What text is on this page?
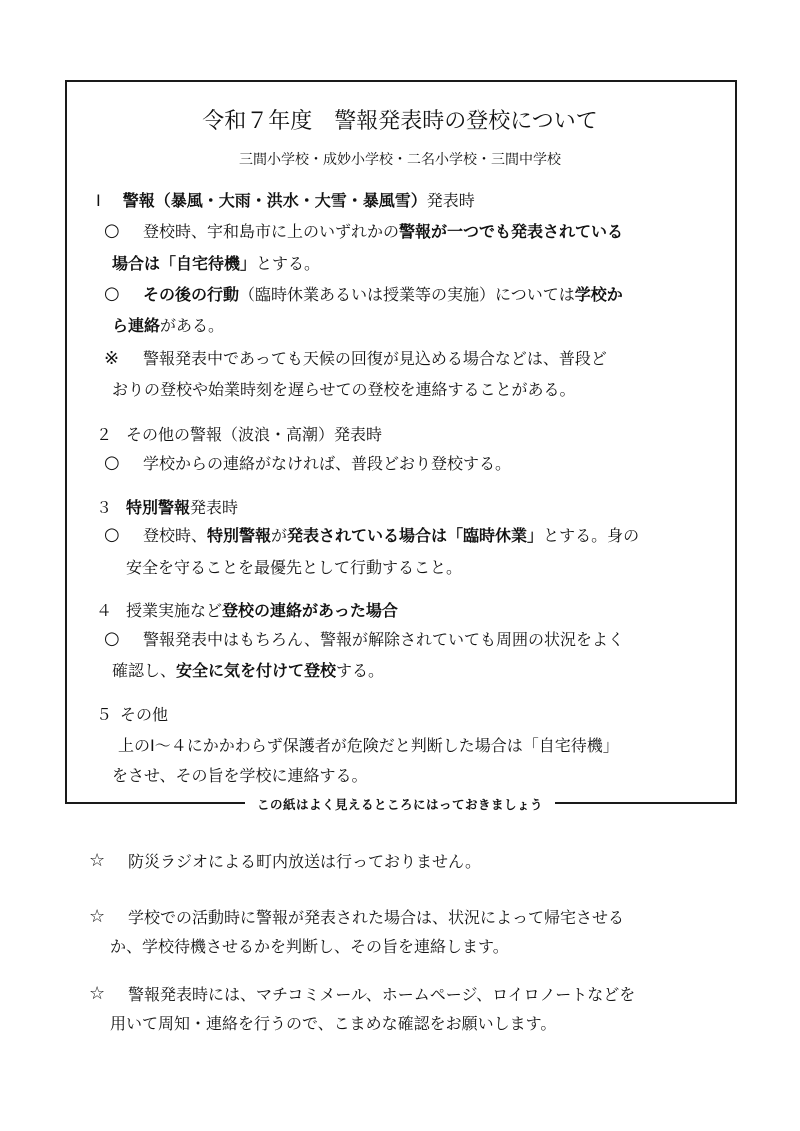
令和７年度　警報発表時の登校について
三間小学校・成妙小学校・二名小学校・三間中学校
Ⅰ 警報（暴風・大雨・洪水・大雪・暴風雪）発表時
○ 登校時、宇和島市に上のいずれかの警報が一つでも発表されている
場合は「自宅待機」とする。
○ その後の行動（臨時休業あるいは授業等の実施）については学校か
ら連絡がある。
※ 警報発表中であっても天候の回復が見込める場合などは、普段ど
おりの登校や始業時刻を遅らせての登校を連絡することがある。
２ その他の警報（波浪・高潮）発表時
○ 学校からの連絡がなければ、普段どおり登校する。
３ 特別警報発表時
○ 登校時、特別警報が発表されている場合は「臨時休業」とする。身の
安全を守ることを最優先として行動すること。
４ 授業実施など登校の連絡があった場合
○ 警報発表中はもちろん、警報が解除されていても周囲の状況をよく
確認し、安全に気を付けて登校する。
５ その他
上のⅠ～４にかかわらず保護者が危険だと判断した場合は「自宅待機」
をさせ、その旨を学校に連絡する。
この紙はよく見えるところにはっておきましょう
☆ 防災ラジオによる町内放送は行っておりません。
☆ 学校での活動時に警報が発表された場合は、状況によって帰宅させる
か、学校待機させるかを判断し、その旨を連絡します。
☆ 警報発表時には、マチコミメール、ホームページ、ロイロノートなどを
用いて周知・連絡を行うので、こまめな確認をお願いします。
